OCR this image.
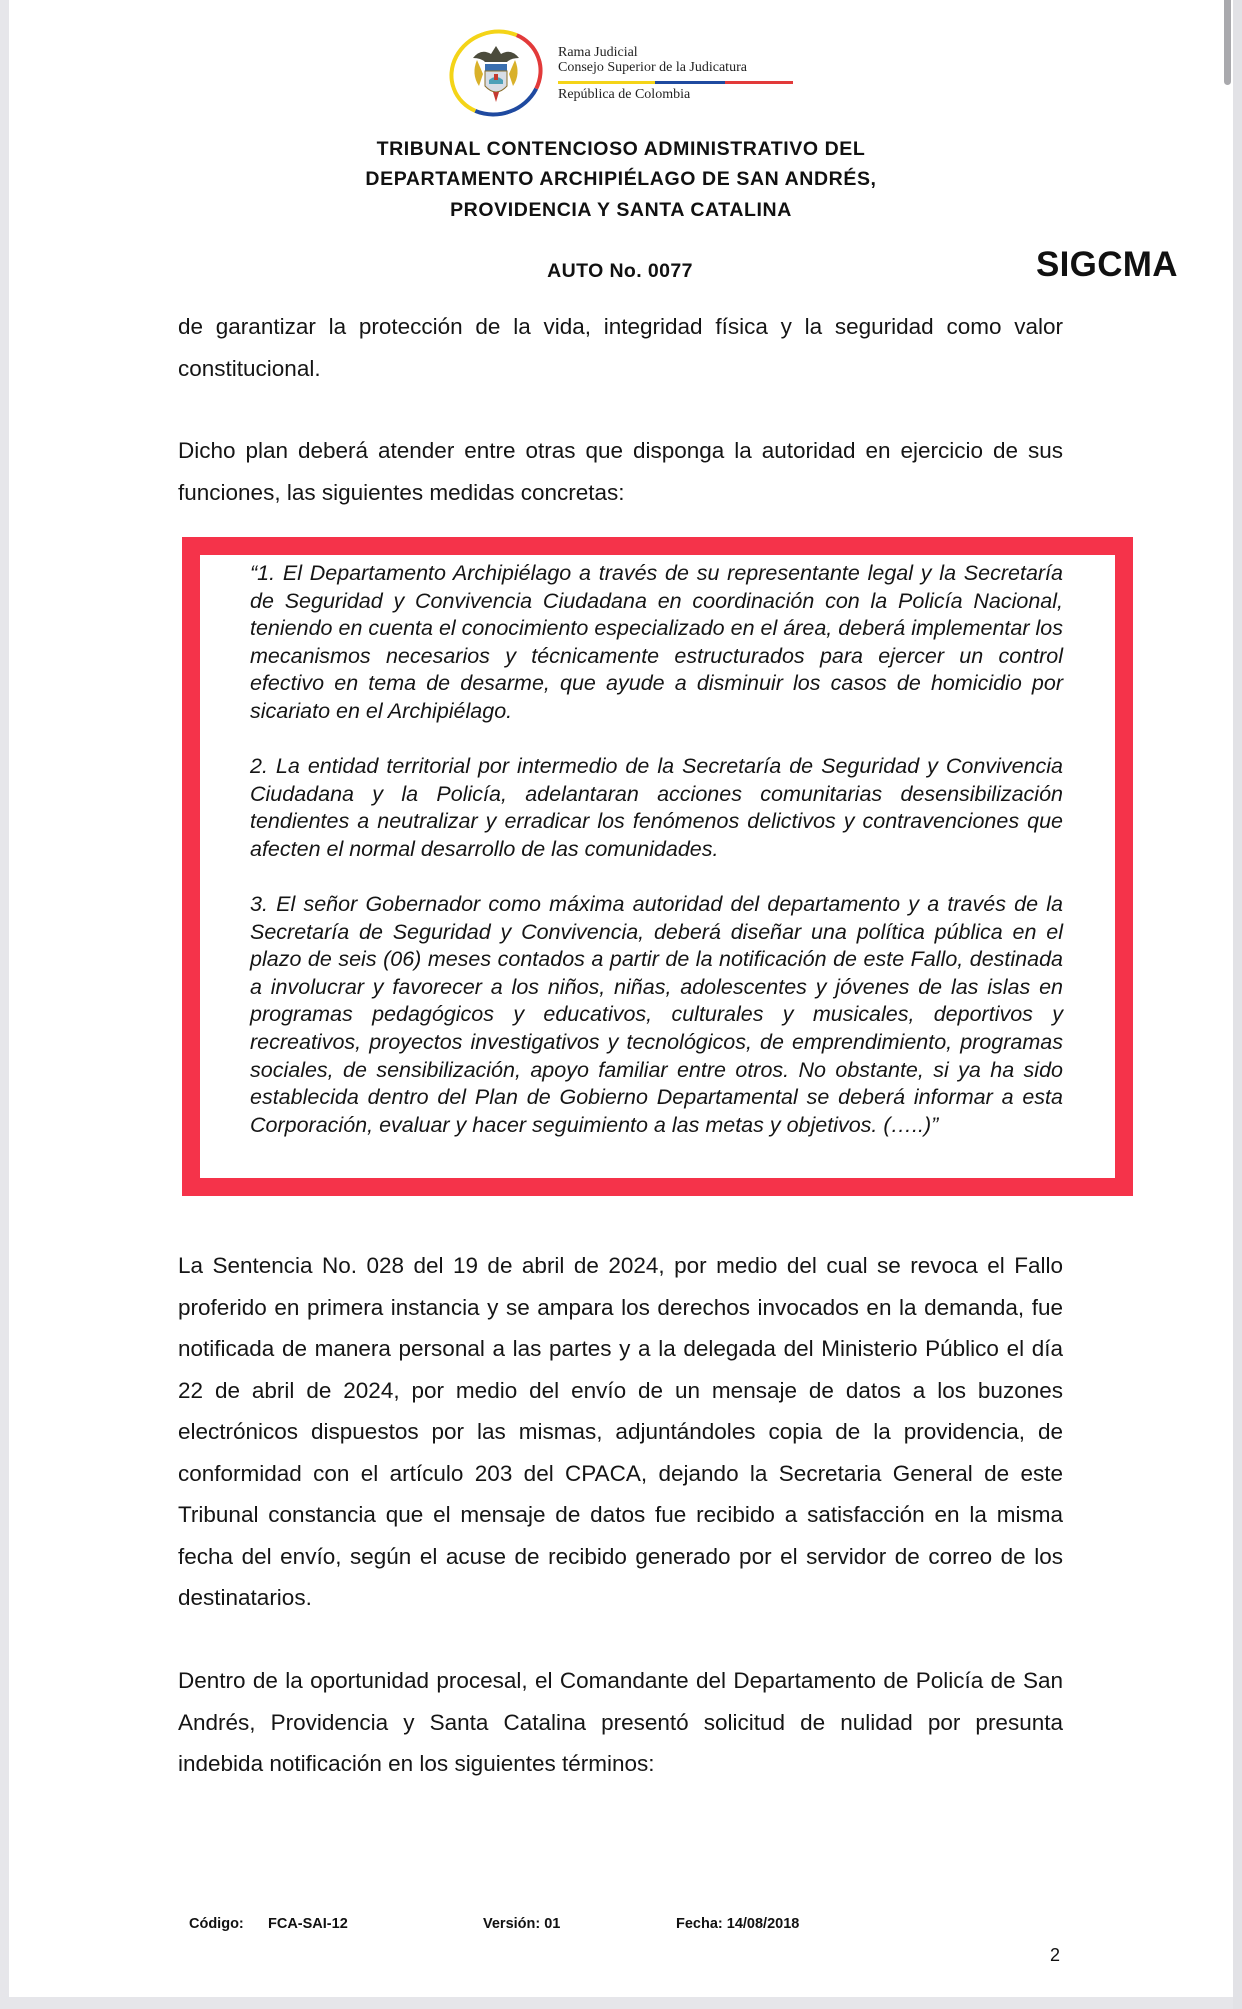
Rama Judicial
Consejo Superior de la Judicatura
República de Colombia
TRIBUNAL CONTENCIOSO ADMINISTRATIVO DEL
DEPARTAMENTO ARCHIPIÉLAGO DE SAN ANDRÉS,
PROVIDENCIA Y SANTA CATALINA
AUTO No. 0077	SIGCMA
de garantizar la protección de la vida, integridad física y la seguridad como valor
constitucional.
Dicho plan deberá atender entre otras que disponga la autoridad en ejercicio de sus funciones, las siguientes medidas concretas:
“1. El Departamento Archipiélago a través de su representante legal y la Secretaría de Seguridad y Convivencia Ciudadana en coordinación con la Policía Nacional, teniendo en cuenta el conocimiento especializado en el área, deberá implementar los mecanismos necesarios y técnicamente estructurados para ejercer un control efectivo en tema de desarme, que ayude a disminuir los casos de homicidio por sicariato en el Archipiélago.
2. La entidad territorial por intermedio de la Secretaría de Seguridad y Convivencia Ciudadana y la Policía, adelantaran acciones comunitarias desensibilización tendientes a neutralizar y erradicar los fenómenos delictivos y contravenciones que afecten el normal desarrollo de las comunidades.
3. El señor Gobernador como máxima autoridad del departamento y a través de la Secretaría de Seguridad y Convivencia, deberá diseñar una política pública en el plazo de seis (06) meses contados a partir de la notificación de este Fallo, destinada a involucrar y favorecer a los niños, niñas, adolescentes y jóvenes de las islas en programas pedagógicos y educativos, culturales y musicales, deportivos y recreativos, proyectos investigativos y tecnológicos, de emprendimiento, programas sociales, de sensibilización, apoyo familiar entre otros. No obstante, si ya ha sido establecida dentro del Plan de Gobierno Departamental se deberá informar a esta Corporación, evaluar y hacer seguimiento a las metas y objetivos. (…..)”
La Sentencia No. 028 del 19 de abril de 2024, por medio del cual se revoca el Fallo proferido en primera instancia y se ampara los derechos invocados en la demanda, fue notificada de manera personal a las partes y a la delegada del Ministerio Público el día 22 de abril de 2024, por medio del envío de un mensaje de datos a los buzones electrónicos dispuestos por las mismas, adjuntándoles copia de la providencia, de conformidad con el artículo 203 del CPACA, dejando la Secretaria General de este Tribunal constancia que el mensaje de datos fue recibido a satisfacción en la misma fecha del envío, según el acuse de recibido generado por el servidor de correo de los destinatarios.
Dentro de la oportunidad procesal, el Comandante del Departamento de Policía de San Andrés, Providencia y Santa Catalina presentó solicitud de nulidad por presunta indebida notificación en los siguientes términos:
Código: FCA-SAI-12	Versión: 01	Fecha: 14/08/2018
2
